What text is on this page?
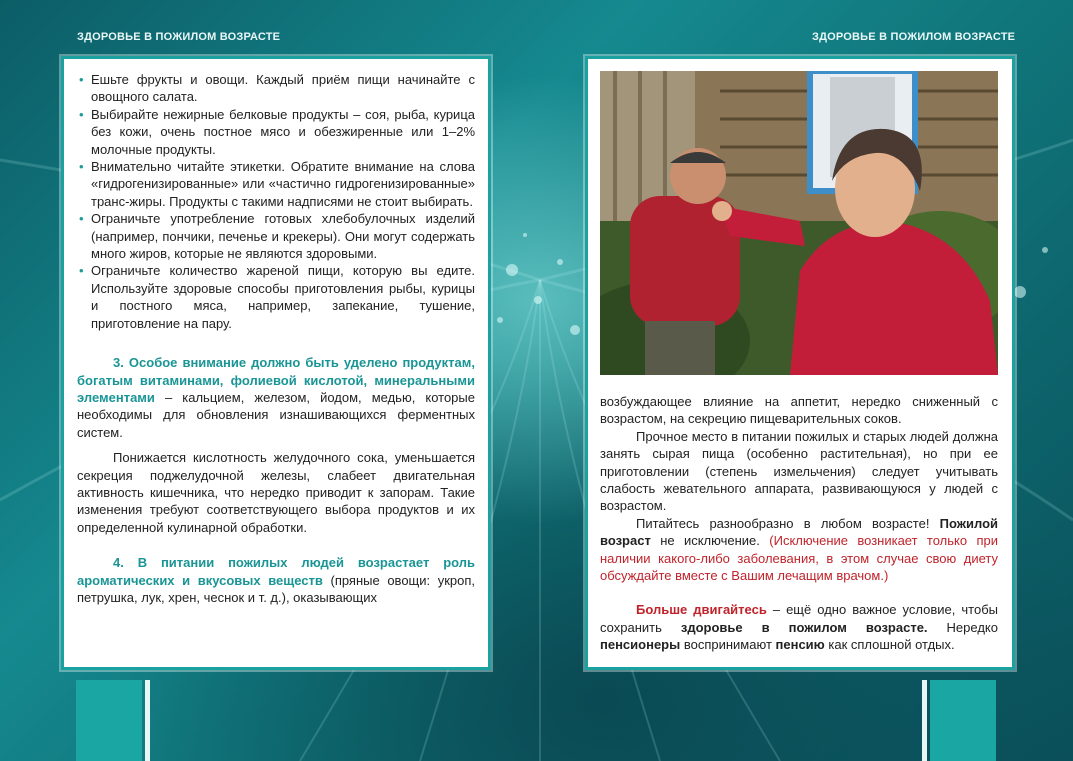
ЗДОРОВЬЕ В ПОЖИЛОМ ВОЗРАСТЕ	ЗДОРОВЬЕ В ПОЖИЛОМ ВОЗРАСТЕ
• Ешьте фрукты и овощи. Каждый приём пищи начинайте с овощного салата.
• Выбирайте нежирные белковые продукты – соя, рыба, курица без кожи, очень постное мясо и обезжиренные или 1–2% молочные продукты.
• Внимательно читайте этикетки. Обратите внимание на слова «гидрогенизированные» или «частично гидрогенизированные» транс-жиры. Продукты с такими надписями не стоит выбирать.
• Ограничьте употребление готовых хлебобулочных изделий (например, пончики, печенье и крекеры). Они могут содержать много жиров, которые не являются здоровыми.
• Ограничьте количество жареной пищи, которую вы едите. Используйте здоровые способы приготовления рыбы, курицы и постного мяса, например, запекание, тушение, приготовление на пару.

3. Особое внимание должно быть уделено продуктам, богатым витаминами, фолиевой кислотой, минеральными элементами – кальцием, железом, йодом, медью, которые необходимы для обновления изнашивающихся ферментных систем.

Понижается кислотность желудочного сока, уменьшается секреция поджелудочной железы, слабеет двигательная активность кишечника, что нередко приводит к запорам. Такие изменения требуют соответствующего выбора продуктов и их определенной кулинарной обработки.

4. В питании пожилых людей возрастает роль ароматических и вкусовых веществ (пряные овощи: укроп, петрушка, лук, хрен, чеснок и т. д.), оказывающих

возбуждающее влияние на аппетит, нередко сниженный с возрастом, на секрецию пищеварительных соков.

Прочное место в питании пожилых и старых людей должна занять сырая пища (особенно растительная), но при ее приготовлении (степень измельчения) следует учитывать слабость жевательного аппарата, развивающуюся у людей с возрастом.

Питайтесь разнообразно в любом возрасте! Пожилой возраст не исключение. (Исключение возникает только при наличии какого-либо заболевания, в этом случае свою диету обсуждайте вместе с Вашим лечащим врачом.)

Больше двигайтесь – ещё одно важное условие, чтобы сохранить здоровье в пожилом возрасте. Нередко пенсионеры воспринимают пенсию как сплошной отдых.
